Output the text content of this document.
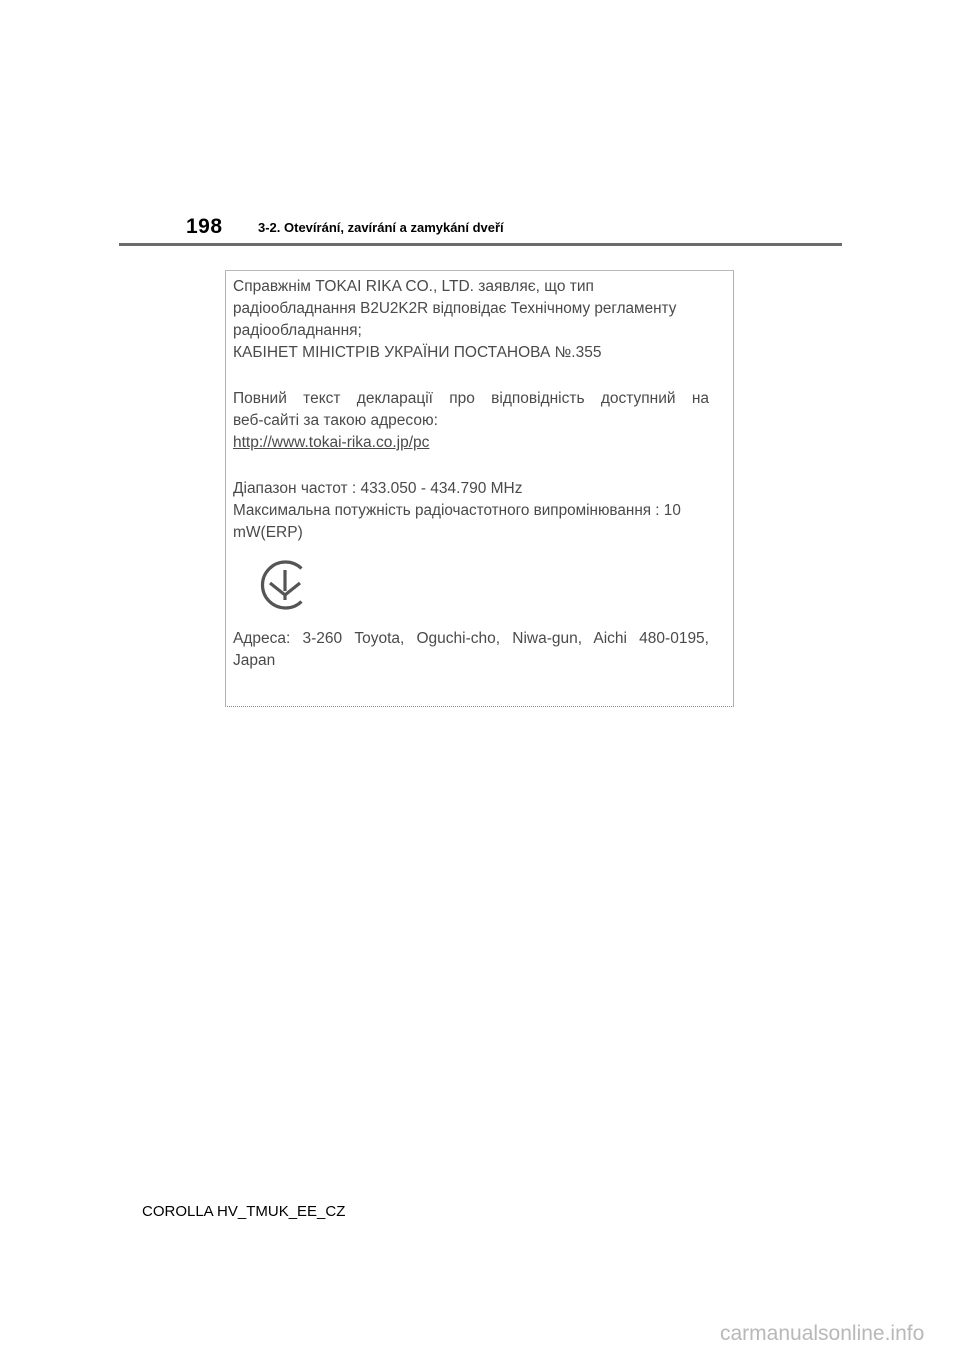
198	3-2. Otevírání, zavírání a zamykání dveří

Справжнім TOKAI RIKA CO., LTD. заявляє, що тип

радіообладнання B2U2K2R відповідає Технічному регламенту

радіообладнання;

КАБІНЕТ МІНІСТРІВ УКРАЇНИ ПОСТАНОВА №.355

Повний текст декларації про відповідність доступний на

веб-сайті за такою адресою:

http://www.tokai-rika.co.jp/pc

Діапазон частот : 433.050 - 434.790 MHz

Максимальна потужність радіочастотного випромінювання : 10

mW(ERP)

Адреса: 3-260 Toyota, Oguchi-cho, Niwa-gun, Aichi 480-0195,

Japan

COROLLA HV_TMUK_EE_CZ
carmanualsonline.info
